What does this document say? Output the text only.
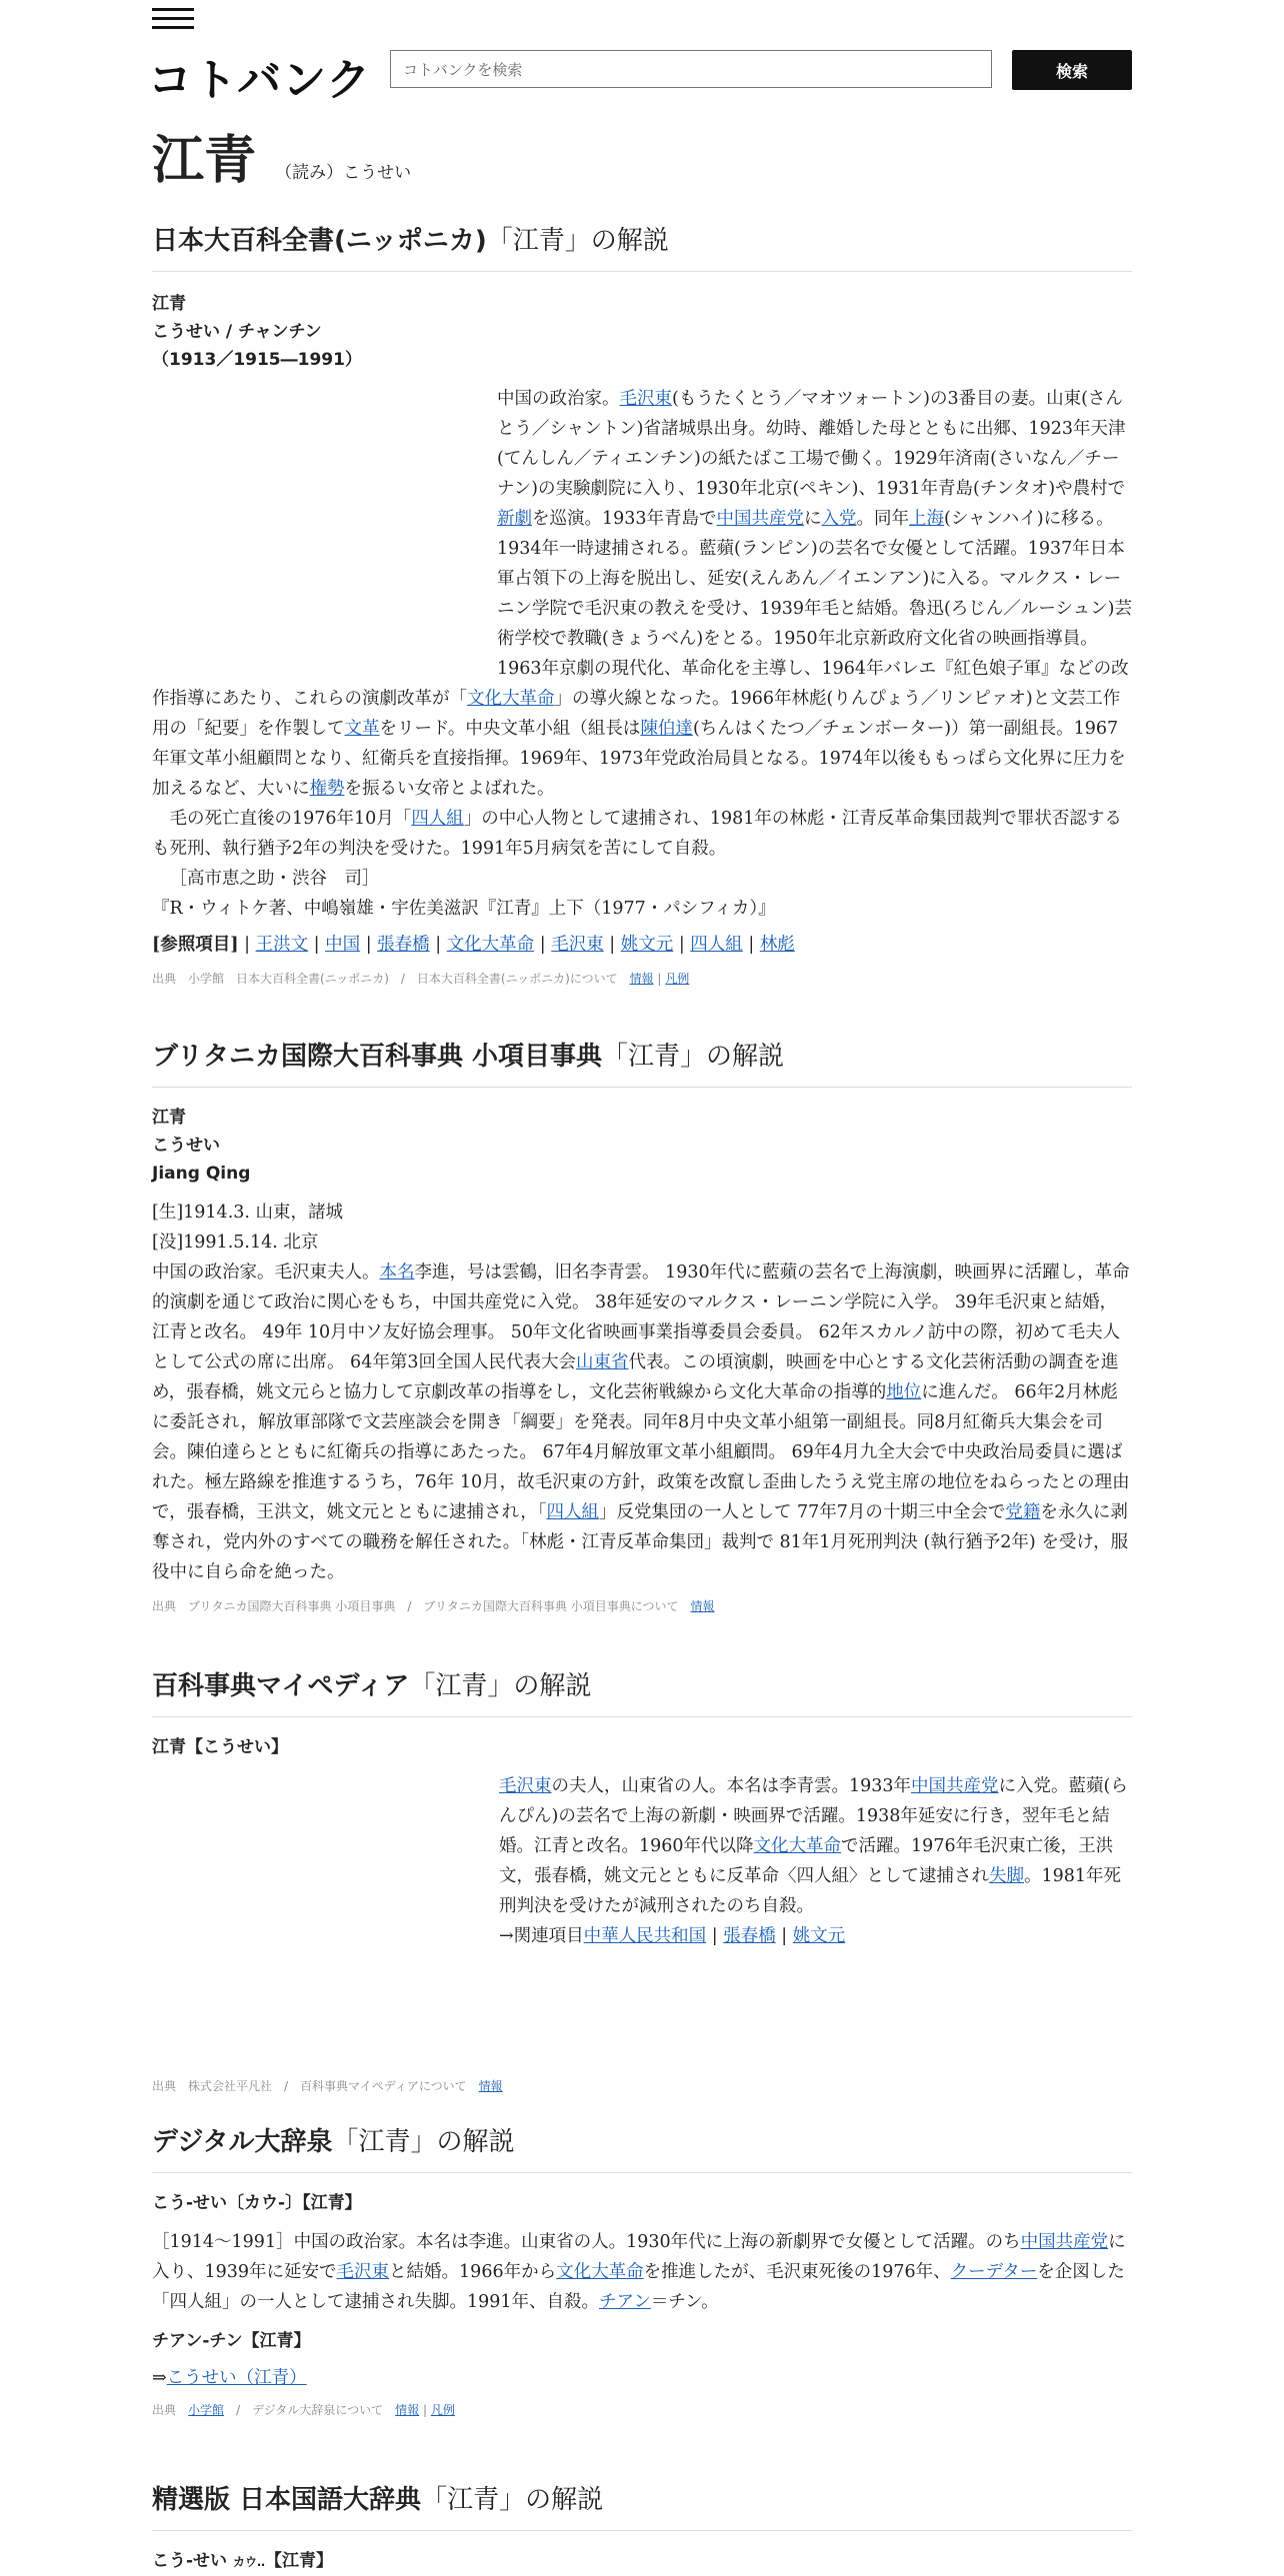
コトバンク	コトバンクを検索	検索
江青 （読み）こうせい
日本大百科全書(ニッポニカ)「江青」の解説
江青
こうせい / チャンチン
（1913／1915―1991）
中国の政治家。毛沢東(もうたくとう／マオツォートン)の3番目の妻。山東(さんとう／シャントン)省諸城県出身。幼時、離婚した母とともに出郷、1923年天津(てんしん／ティエンチン)の紙たばこ工場で働く。1929年済南(さいなん／チーナン)の実験劇院に入り、1930年北京(ペキン)、1931年青島(チンタオ)や農村で新劇を巡演。1933年青島で中国共産党に入党。同年上海(シャンハイ)に移る。1934年一時逮捕される。藍蘋(ランピン)の芸名で女優として活躍。1937年日本軍占領下の上海を脱出し、延安(えんあん／イエンアン)に入る。マルクス・レーニン学院で毛沢東の教えを受け、1939年毛と結婚。魯迅(ろじん／ルーシュン)芸術学校で教職(きょうべん)をとる。1950年北京新政府文化省の映画指導員。1963年京劇の現代化、革命化を主導し、1964年バレエ『紅色娘子軍』などの改作指導にあたり、これらの演劇改革が「文化大革命」の導火線となった。1966年林彪(りんぴょう／リンピァオ)と文芸工作用の「紀要」を作製して文革をリード。中央文革小組（組長は陳伯達(ちんはくたつ／チェンボーター)）第一副組長。1967年軍文革小組顧問となり、紅衛兵を直接指揮。1969年、1973年党政治局員となる。1974年以後ももっぱら文化界に圧力を加えるなど、大いに権勢を振るい女帝とよばれた。
毛の死亡直後の1976年10月「四人組」の中心人物として逮捕され、1981年の林彪・江青反革命集団裁判で罪状否認するも死刑、執行猶予2年の判決を受けた。1991年5月病気を苦にして自殺。
［高市恵之助・渋谷　司］
『R・ウィトケ著、中嶋嶺雄・宇佐美滋訳『江青』上下（1977・パシフィカ）』
[参照項目] | 王洪文 | 中国 | 張春橋 | 文化大革命 | 毛沢東 | 姚文元 | 四人組 | 林彪
出典　小学館　日本大百科全書(ニッポニカ)　/　日本大百科全書(ニッポニカ)について　 情報 | 凡例
ブリタニカ国際大百科事典 小項目事典「江青」の解説
江青
こうせい
Jiang Qing
[生]1914.3. 山東，諸城
[没]1991.5.14. 北京
中国の政治家。毛沢東夫人。本名李進，号は雲鶴，旧名李青雲。 1930年代に藍蘋の芸名で上海演劇，映画界に活躍し，革命的演劇を通じて政治に関心をもち，中国共産党に入党。 38年延安のマルクス・レーニン学院に入学。 39年毛沢東と結婚，江青と改名。 49年 10月中ソ友好協会理事。 50年文化省映画事業指導委員会委員。 62年スカルノ訪中の際，初めて毛夫人として公式の席に出席。 64年第3回全国人民代表大会山東省代表。この頃演劇，映画を中心とする文化芸術活動の調査を進め，張春橋，姚文元らと協力して京劇改革の指導をし，文化芸術戦線から文化大革命の指導的地位に進んだ。 66年2月林彪に委託され，解放軍部隊で文芸座談会を開き「綱要」を発表。同年8月中央文革小組第一副組長。同8月紅衛兵大集会を司会。陳伯達らとともに紅衛兵の指導にあたった。 67年4月解放軍文革小組顧問。 69年4月九全大会で中央政治局委員に選ばれた。極左路線を推進するうち，76年 10月，故毛沢東の方針，政策を改竄し歪曲したうえ党主席の地位をねらったとの理由で，張春橋，王洪文，姚文元とともに逮捕され，「四人組」反党集団の一人として 77年7月の十期三中全会で党籍を永久に剥奪され，党内外のすべての職務を解任された。「林彪・江青反革命集団」裁判で 81年1月死刑判決 (執行猶予2年) を受け，服役中に自ら命を絶った。
出典　ブリタニカ国際大百科事典 小項目事典　/　ブリタニカ国際大百科事典 小項目事典について　 情報
百科事典マイペディア「江青」の解説
江青【こうせい】
毛沢東の夫人，山東省の人。本名は李青雲。1933年中国共産党に入党。藍蘋(らんぴん)の芸名で上海の新劇・映画界で活躍。1938年延安に行き，翌年毛と結婚。江青と改名。1960年代以降文化大革命で活躍。1976年毛沢東亡後，王洪文，張春橋，姚文元とともに反革命〈四人組〉として逮捕され失脚。1981年死刑判決を受けたが減刑されたのち自殺。
→関連項目中華人民共和国 | 張春橋 | 姚文元
出典　株式会社平凡社　/　百科事典マイペディアについて　 情報
デジタル大辞泉「江青」の解説
こう‐せい〔カウ‐〕【江青】
［1914～1991］中国の政治家。本名は李進。山東省の人。1930年代に上海の新劇界で女優として活躍。のち中国共産党に入り、1939年に延安で毛沢東と結婚。1966年から文化大革命を推進したが、毛沢東死後の1976年、クーデターを企図した「四人組」の一人として逮捕され失脚。1991年、自殺。チアン＝チン。
チアン‐チン【江青】
⇒こうせい（江青）
出典　 小学館　 /　デジタル大辞泉について　 情報 | 凡例
精選版 日本国語大辞典「江青」の解説
こう‐せい カウ‥【江青】
